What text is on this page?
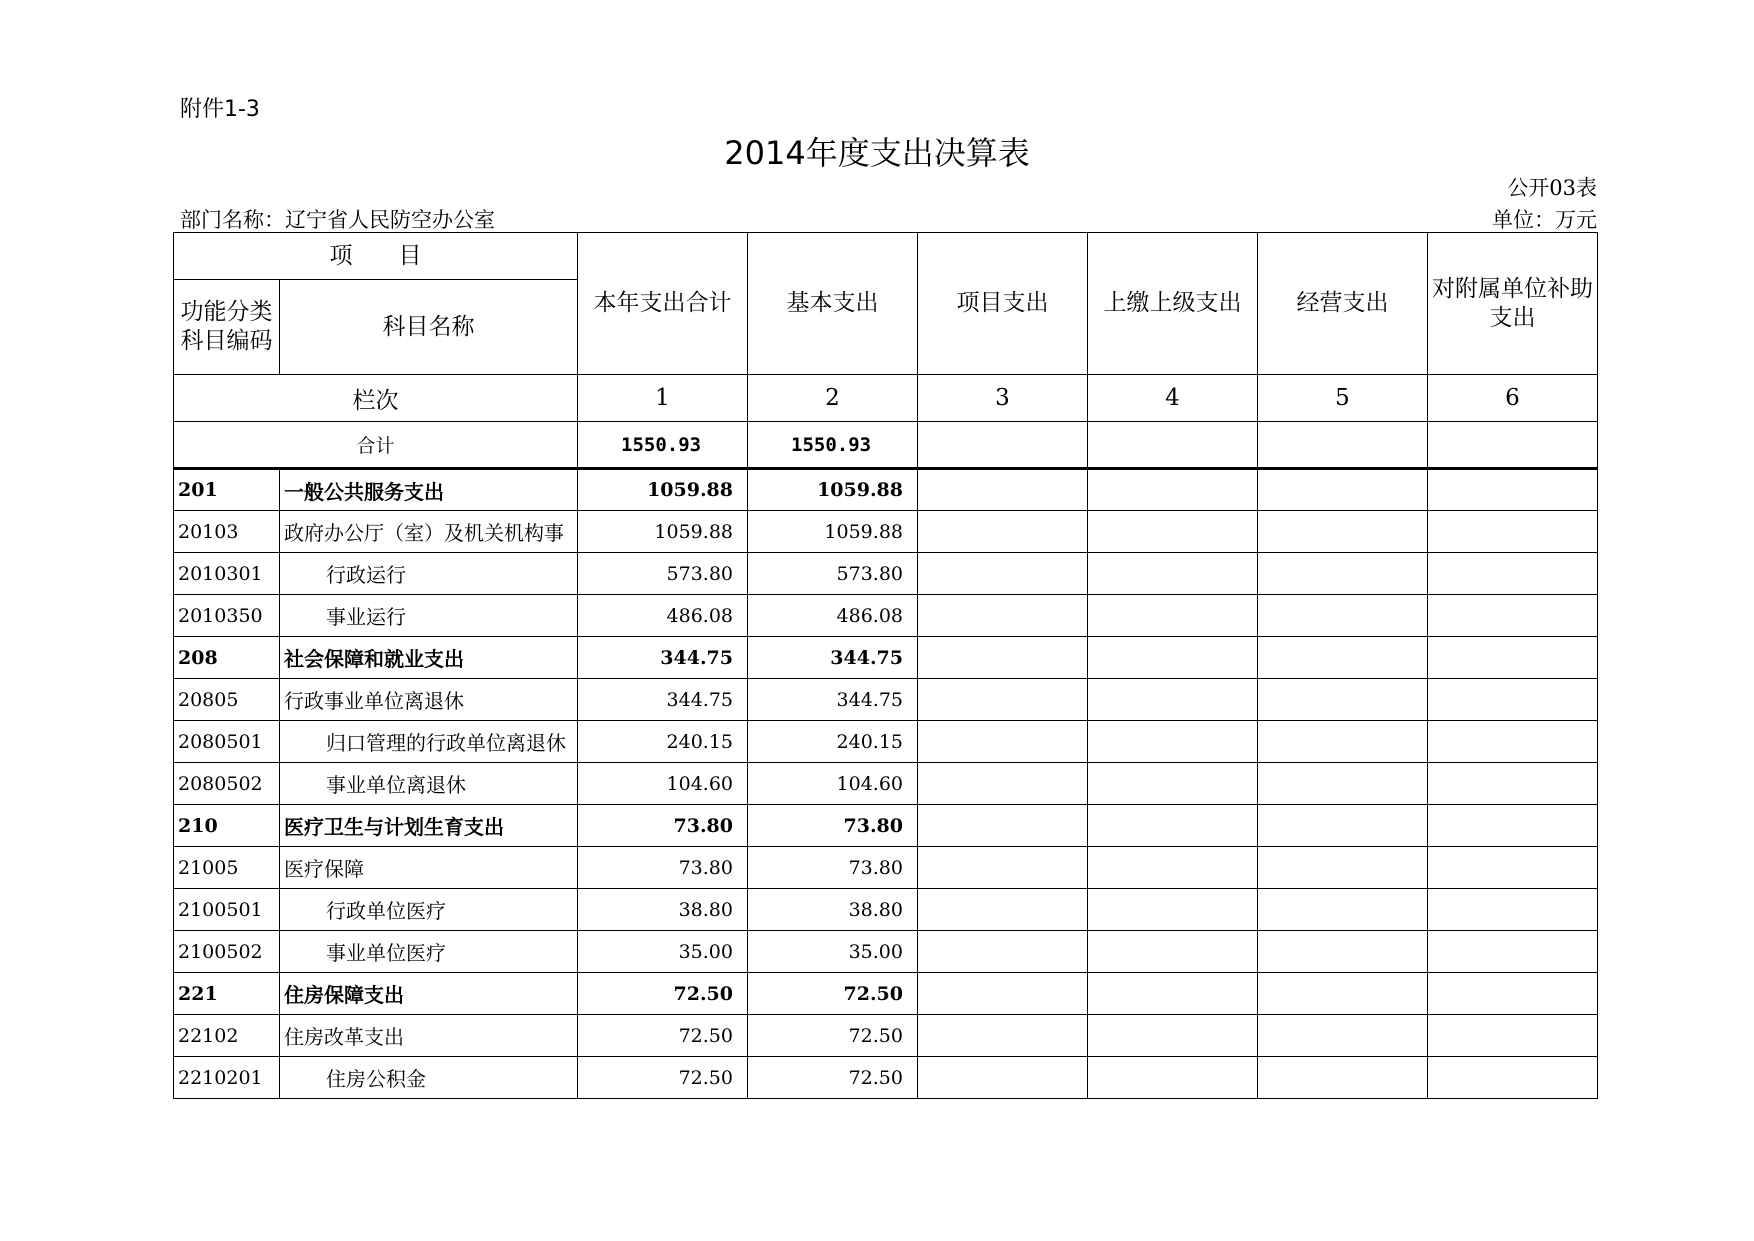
附件1-3
2014年度支出决算表
公开03表
部门名称：辽宁省人民防空办公室	单位：万元
项　　目		本年支出合计	基本支出	项目支出	上缴上级支出	经营支出	对附属单位补助支出
功能分类科目编码	科目名称						
栏次		1	2	3	4	5	6
合计		1550.93	1550.93				
201	一般公共服务支出	1059.88	1059.88				
20103	政府办公厅（室）及机关机构事	1059.88	1059.88				
2010301	行政运行	573.80	573.80				
2010350	事业运行	486.08	486.08				
208	社会保障和就业支出	344.75	344.75				
20805	行政事业单位离退休	344.75	344.75				
2080501	归口管理的行政单位离退休	240.15	240.15				
2080502	事业单位离退休	104.60	104.60				
210	医疗卫生与计划生育支出	73.80	73.80				
21005	医疗保障	73.80	73.80				
2100501	行政单位医疗	38.80	38.80				
2100502	事业单位医疗	35.00	35.00				
221	住房保障支出	72.50	72.50				
22102	住房改革支出	72.50	72.50				
2210201	住房公积金	72.50	72.50				
